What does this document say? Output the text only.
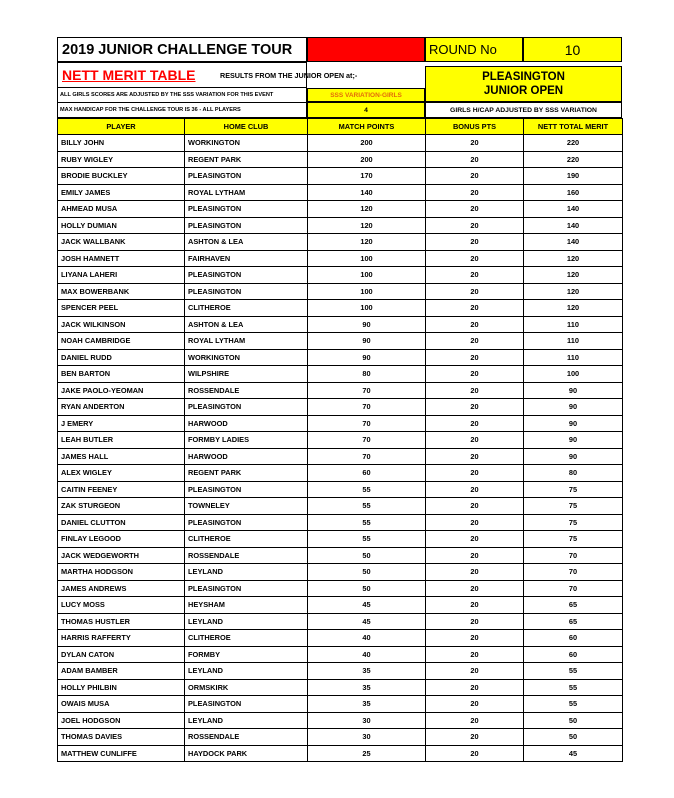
2019 JUNIOR CHALLENGE TOUR	ROUND No	10
NETT MERIT TABLE	RESULTS FROM THE JUNIOR OPEN at;-	PLEASINGTON
JUNIOR OPEN
ALL GIRLS SCORES ARE ADJUSTED BY THE SSS VARIATION FOR THIS EVENT	SSS VARIATION-GIRLS
MAX HANDICAP FOR THE CHALLENGE TOUR IS 36 - ALL PLAYERS	4	GIRLS H/CAP ADJUSTED BY SSS VARIATION
PLAYER	HOME CLUB	MATCH POINTS	BONUS PTS	NETT TOTAL MERIT
BILLY JOHN	WORKINGTON	200	20	220
RUBY WIGLEY	REGENT PARK	200	20	220
BRODIE BUCKLEY	PLEASINGTON	170	20	190
EMILY JAMES	ROYAL LYTHAM	140	20	160
AHMEAD MUSA	PLEASINGTON	120	20	140
HOLLY DUMIAN	PLEASINGTON	120	20	140
JACK WALLBANK	ASHTON & LEA	120	20	140
JOSH HAMNETT	FAIRHAVEN	100	20	120
LIYANA LAHERI	PLEASINGTON	100	20	120
MAX BOWERBANK	PLEASINGTON	100	20	120
SPENCER PEEL	CLITHEROE	100	20	120
JACK WILKINSON	ASHTON & LEA	90	20	110
NOAH CAMBRIDGE	ROYAL LYTHAM	90	20	110
DANIEL RUDD	WORKINGTON	90	20	110
BEN BARTON	WILPSHIRE	80	20	100
JAKE PAOLO-YEOMAN	ROSSENDALE	70	20	90
RYAN ANDERTON	PLEASINGTON	70	20	90
J EMERY	HARWOOD	70	20	90
LEAH BUTLER	FORMBY LADIES	70	20	90
JAMES HALL	HARWOOD	70	20	90
ALEX WIGLEY	REGENT PARK	60	20	80
CAITIN FEENEY	PLEASINGTON	55	20	75
ZAK STURGEON	TOWNELEY	55	20	75
DANIEL CLUTTON	PLEASINGTON	55	20	75
FINLAY LEGOOD	CLITHEROE	55	20	75
JACK WEDGEWORTH	ROSSENDALE	50	20	70
MARTHA HODGSON	LEYLAND	50	20	70
JAMES ANDREWS	PLEASINGTON	50	20	70
LUCY MOSS	HEYSHAM	45	20	65
THOMAS HUSTLER	LEYLAND	45	20	65
HARRIS RAFFERTY	CLITHEROE	40	20	60
DYLAN CATON	FORMBY	40	20	60
ADAM BAMBER	LEYLAND	35	20	55
HOLLY PHILBIN	ORMSKIRK	35	20	55
OWAIS MUSA	PLEASINGTON	35	20	55
JOEL HODGSON	LEYLAND	30	20	50
THOMAS DAVIES	ROSSENDALE	30	20	50
MATTHEW CUNLIFFE	HAYDOCK PARK	25	20	45
